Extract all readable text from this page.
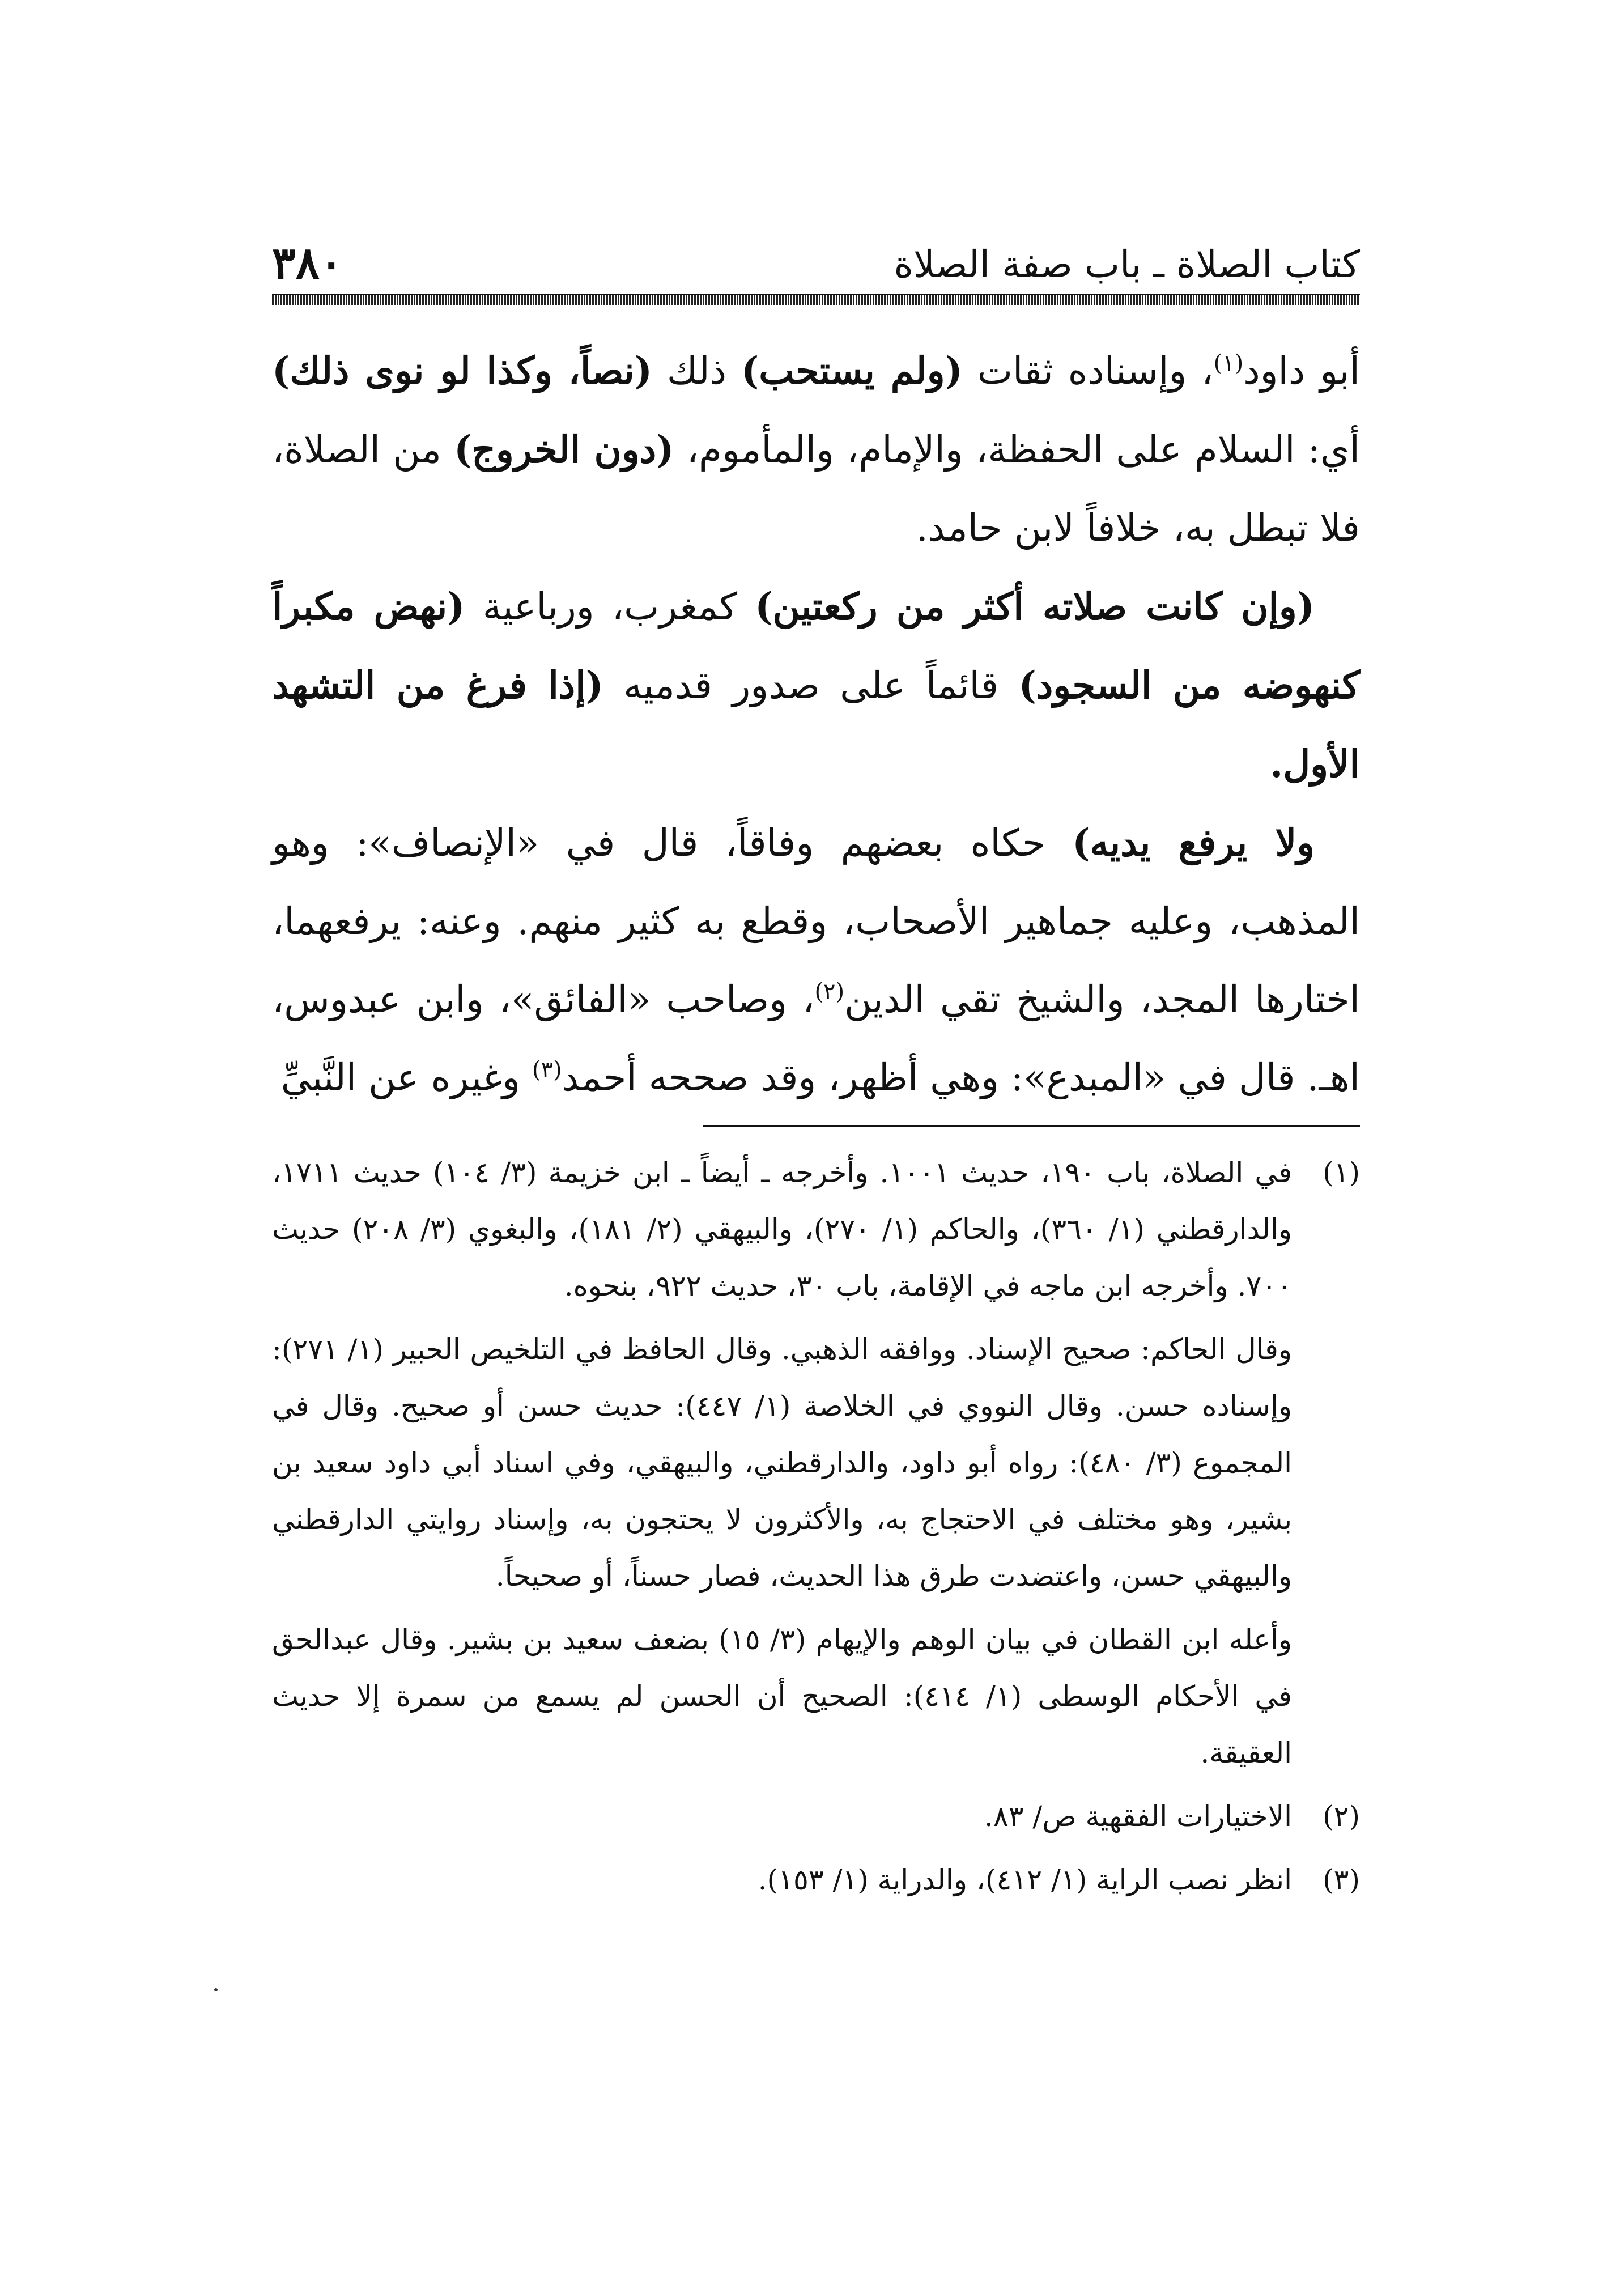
كتاب الصلاة ـ باب صفة الصلاة
٣٨٠

أبو داود$^{(١)}$، وإسناده ثقات (ولم يستحب) ذلك (نصاً، وكذا لو نوى ذلك) أي: السلام على الحفظة، والإمام، والمأموم، (دون الخروج) من الصلاة، فلا تبطل به، خلافاً لابن حامد.

(وإن كانت صلاته أكثر من ركعتين) كمغرب، ورباعية (نهض مكبراً كنهوضه من السجود) قائماً على صدور قدميه (إذا فرغ من التشهد الأول.

ولا يرفع يديه) حكاه بعضهم وفاقاً، قال في «الإنصاف»: وهو المذهب، وعليه جماهير الأصحاب، وقطع به كثير منهم. وعنه: يرفعهما، اختارها المجد، والشيخ تقي الدين$^{(٢)}$، وصاحب «الفائق»، وابن عبدوس، اهـ. قال في «المبدع»: وهي أظهر، وقد صححه أحمد$^{(٣)}$ وغيره عن النَّبيِّ

(١)

في الصلاة، باب ١٩٠، حديث ١٠٠١. وأخرجه ـ أيضاً ـ ابن خزيمة (٣/ ١٠٤) حديث ١٧١١، والدارقطني (١/ ٣٦٠)، والحاكم (١/ ٢٧٠)، والبيهقي (٢/ ١٨١)، والبغوي (٣/ ٢٠٨) حديث ٧٠٠. وأخرجه ابن ماجه في الإقامة، باب ٣٠، حديث ٩٢٢، بنحوه.

وقال الحاكم: صحيح الإسناد. ووافقه الذهبي. وقال الحافظ في التلخيص الحبير (١/ ٢٧١): وإسناده حسن. وقال النووي في الخلاصة (١/ ٤٤٧): حديث حسن أو صحيح. وقال في المجموع (٣/ ٤٨٠): رواه أبو داود، والدارقطني، والبيهقي، وفي اسناد أبي داود سعيد بن بشير، وهو مختلف في الاحتجاج به، والأكثرون لا يحتجون به، وإسناد روايتي الدارقطني والبيهقي حسن، واعتضدت طرق هذا الحديث، فصار حسناً، أو صحيحاً.

وأعله ابن القطان في بيان الوهم والإيهام (٣/ ١٥) بضعف سعيد بن بشير. وقال عبدالحق في الأحكام الوسطى (١/ ٤١٤): الصحيح أن الحسن لم يسمع من سمرة إلا حديث العقيقة.

(٢)

الاختيارات الفقهية ص/ ٨٣.

(٣)

انظر نصب الراية (١/ ٤١٢)، والدراية (١/ ١٥٣).
